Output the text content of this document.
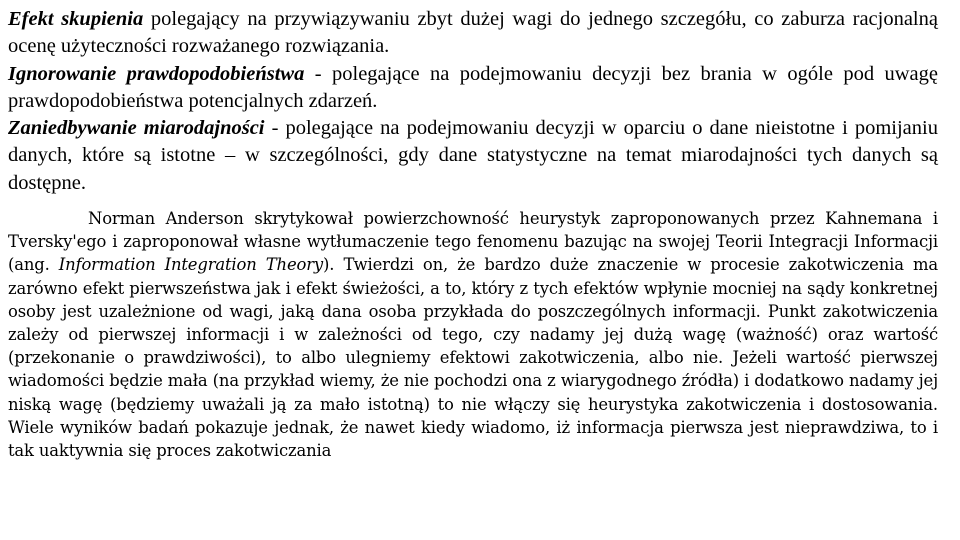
Efekt skupienia polegający na przywiązywaniu zbyt dużej wagi do jednego szczegółu, co zaburza racjonalną ocenę użyteczności rozważanego rozwiązania.

Ignorowanie prawdopodobieństwa - polegające na podejmowaniu decyzji bez brania w ogóle pod uwagę prawdopodobieństwa potencjalnych zdarzeń.

Zaniedbywanie miarodajności - polegające na podejmowaniu decyzji w oparciu o dane nieistotne i pomijaniu danych, które są istotne – w szczególności, gdy dane statystyczne na temat miarodajności tych danych są dostępne.

Norman Anderson skrytykował powierzchowność heurystyk zaproponowanych przez Kahnemana i Tversky'ego i zaproponował własne wytłumaczenie tego fenomenu bazując na swojej Teorii Integracji Informacji (ang. Information Integration Theory). Twierdzi on, że bardzo duże znaczenie w procesie zakotwiczenia ma zarówno efekt pierwszeństwa jak i efekt świeżości, a to, który z tych efektów wpłynie mocniej na sądy konkretnej osoby jest uzależnione od wagi, jaką dana osoba przykłada do poszczególnych informacji. Punkt zakotwiczenia zależy od pierwszej informacji i w zależności od tego, czy nadamy jej dużą wagę (ważność) oraz wartość (przekonanie o prawdziwości), to albo ulegniemy efektowi zakotwiczenia, albo nie. Jeżeli wartość pierwszej wiadomości będzie mała (na przykład wiemy, że nie pochodzi ona z wiarygodnego źródła) i dodatkowo nadamy jej niską wagę (będziemy uważali ją za mało istotną) to nie włączy się heurystyka zakotwiczenia i dostosowania. Wiele wyników badań pokazuje jednak, że nawet kiedy wiadomo, iż informacja pierwsza jest nieprawdziwa, to i tak uaktywnia się proces zakotwiczania
